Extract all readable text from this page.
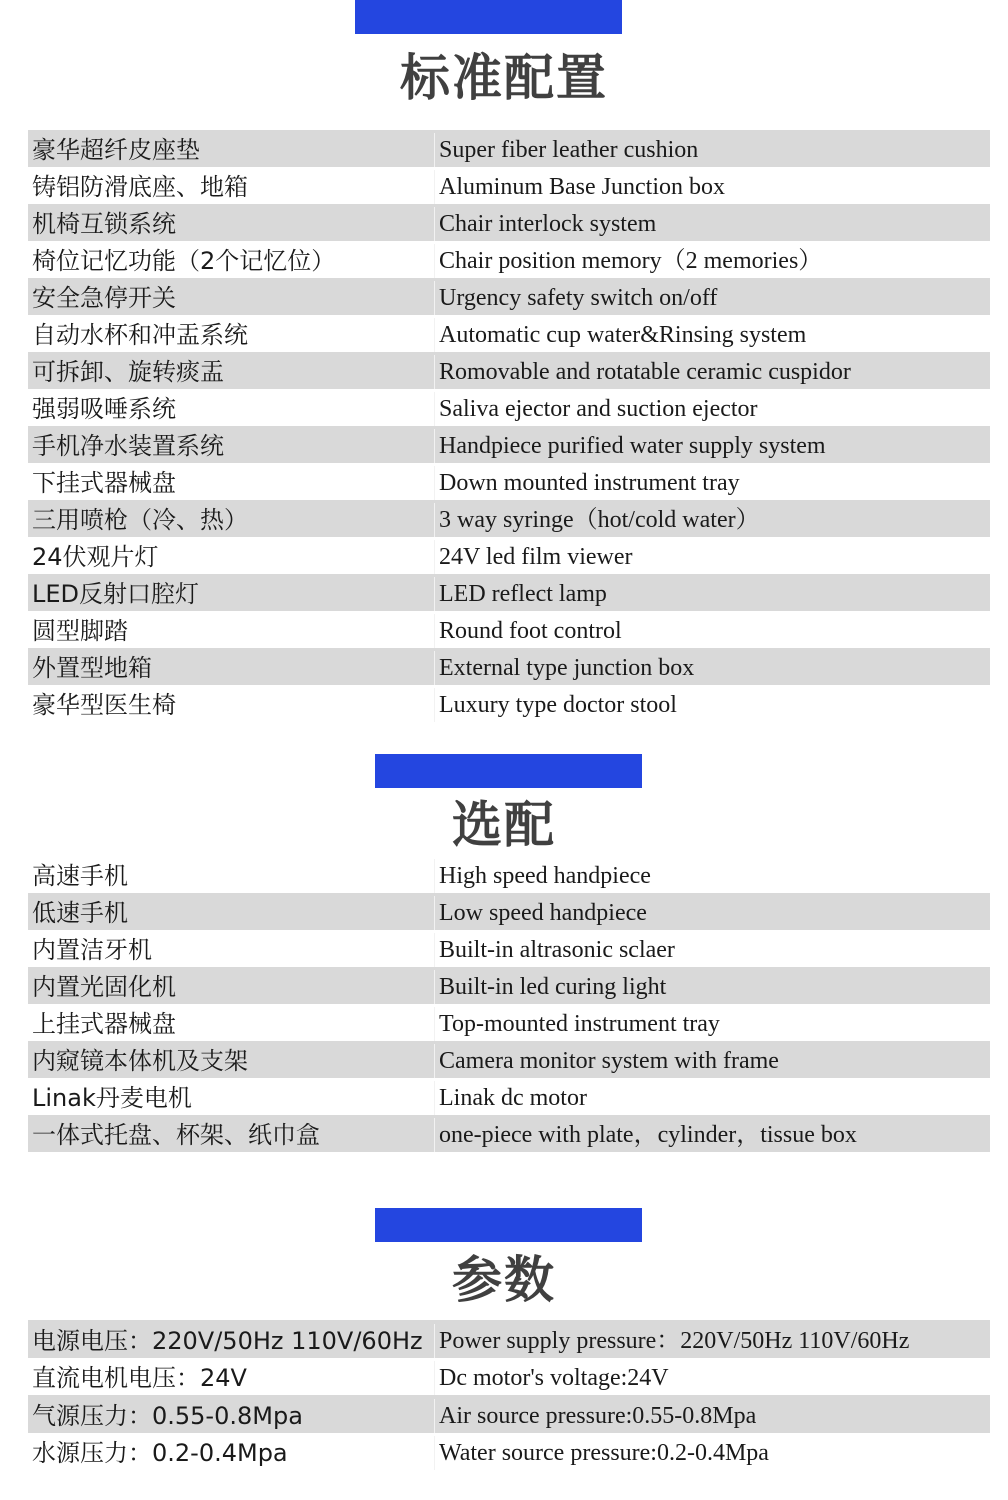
标准配置
豪华超纤皮座垫	Super fiber leather cushion
铸铝防滑底座、地箱	Aluminum Base Junction box
机椅互锁系统	Chair interlock system
椅位记忆功能（2个记忆位）	Chair position memory（2 memories）
安全急停开关	Urgency safety switch on/off
自动水杯和冲盂系统	Automatic cup water&Rinsing system
可拆卸、旋转痰盂	Romovable and rotatable ceramic cuspidor
强弱吸唾系统	Saliva ejector and suction ejector
手机净水装置系统	Handpiece purified water supply system
下挂式器械盘	Down mounted instrument tray
三用喷枪（冷、热）	3 way syringe（hot/cold water）
24伏观片灯	24V led film viewer
LED反射口腔灯	LED reflect lamp
圆型脚踏	Round foot control
外置型地箱	External type junction box
豪华型医生椅	Luxury type doctor stool
选配
高速手机	High speed handpiece
低速手机	Low speed handpiece
内置洁牙机	Built-in altrasonic sclaer
内置光固化机	Built-in led curing light
上挂式器械盘	Top-mounted instrument tray
内窥镜本体机及支架	Camera monitor system with frame
Linak丹麦电机	Linak dc motor
一体式托盘、杯架、纸巾盒	one-piece with plate，cylinder，tissue box
参数
电源电压：220V/50Hz 110V/60Hz Power supply pressure：220V/50Hz 110V/60Hz
直流电机电压：24V	Dc motor's voltage:24V
气源压力：0.55-0.8Mpa	Air source pressure:0.55-0.8Mpa
水源压力：0.2-0.4Mpa	Water source pressure:0.2-0.4Mpa
